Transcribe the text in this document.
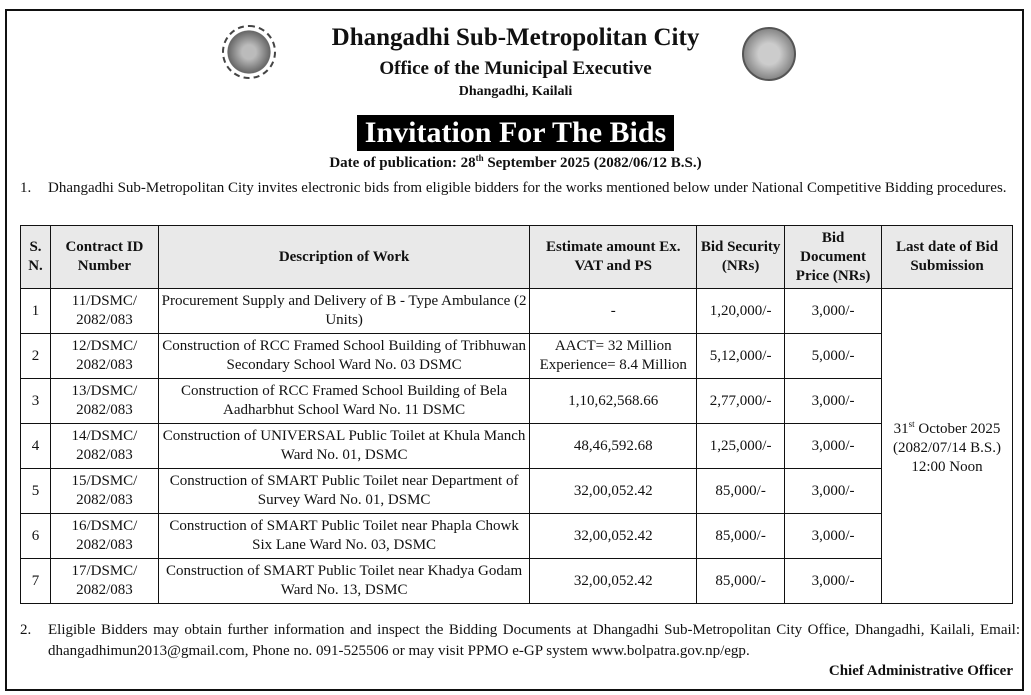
Dhangadhi Sub-Metropolitan City
Office of the Municipal Executive
Dhangadhi, Kailali
Invitation For The Bids
Date of publication: 28th September 2025 (2082/06/12 B.S.)
1. Dhangadhi Sub-Metropolitan City invites electronic bids from eligible bidders for the works mentioned below under National Competitive Bidding procedures.
S. N.	Contract ID Number	Description of Work	Estimate amount Ex. VAT and PS	Bid Security (NRs)	Bid Document Price (NRs)	Last date of Bid Submission
1	11/DSMC/ 2082/083	Procurement Supply and Delivery of B - Type Ambulance (2 Units)	-	1,20,000/-	3,000/-	31st October 2025
(2082/07/14 B.S.)
12:00 Noon
2	12/DSMC/ 2082/083	Construction of RCC Framed School Building of Tribhuwan Secondary School Ward No. 03 DSMC	AACT= 32 Million Experience= 8.4 Million	5,12,000/-	5,000/-	
3	13/DSMC/ 2082/083	Construction of RCC Framed School Building of Bela Aadharbhut School Ward No. 11 DSMC	1,10,62,568.66	2,77,000/-	3,000/-	
4	14/DSMC/ 2082/083	Construction of UNIVERSAL Public Toilet at Khula Manch Ward No. 01, DSMC	48,46,592.68	1,25,000/-	3,000/-	
5	15/DSMC/ 2082/083	Construction of SMART Public Toilet near Department of Survey Ward No. 01, DSMC	32,00,052.42	85,000/-	3,000/-	
6	16/DSMC/ 2082/083	Construction of SMART Public Toilet near Phapla Chowk Six Lane Ward No. 03, DSMC	32,00,052.42	85,000/-	3,000/-	
7	17/DSMC/ 2082/083	Construction of SMART Public Toilet near Khadya Godam Ward No. 13, DSMC	32,00,052.42	85,000/-	3,000/-	
2. Eligible Bidders may obtain further information and inspect the Bidding Documents at Dhangadhi Sub-Metropolitan City Office, Dhangadhi, Kailali, Email: dhangadhimun2013@gmail.com, Phone no. 091-525506 or may visit PPMO e-GP system www.bolpatra.gov.np/egp.
Chief Administrative Officer
